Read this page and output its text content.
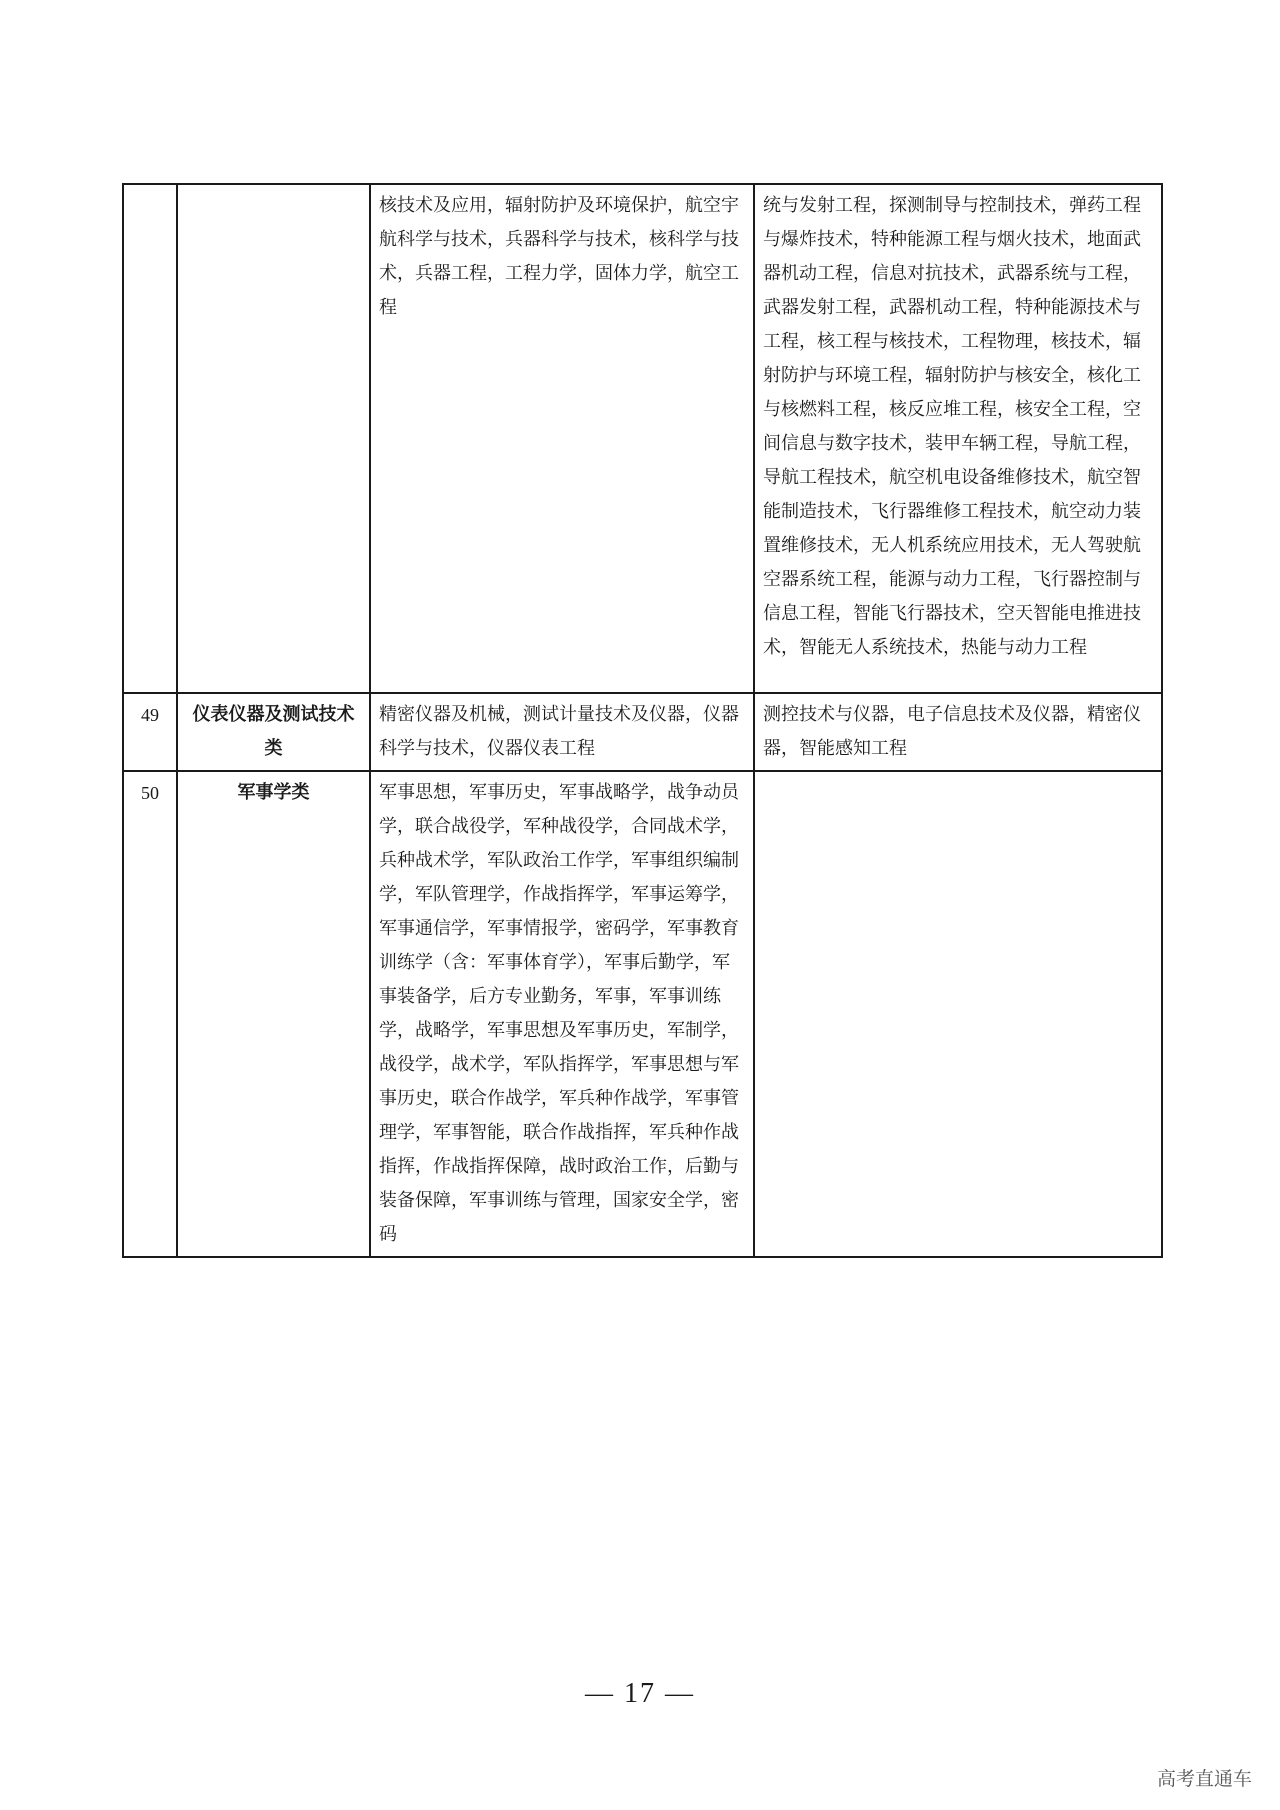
		核技术及应用，辐射防护及环境保护，航空宇航科学与技术，兵器科学与技术，核科学与技术，兵器工程，工程力学，固体力学，航空工程	统与发射工程，探测制导与控制技术，弹药工程与爆炸技术，特种能源工程与烟火技术，地面武器机动工程，信息对抗技术，武器系统与工程，武器发射工程，武器机动工程，特种能源技术与工程，核工程与核技术，工程物理，核技术，辐射防护与环境工程，辐射防护与核安全，核化工与核燃料工程，核反应堆工程，核安全工程，空间信息与数字技术，装甲车辆工程，导航工程，导航工程技术，航空机电设备维修技术，航空智能制造技术，飞行器维修工程技术，航空动力装置维修技术，无人机系统应用技术，无人驾驶航空器系统工程，能源与动力工程，飞行器控制与信息工程，智能飞行器技术，空天智能电推进技术，智能无人系统技术，热能与动力工程
49	仪表仪器及测试技术类	精密仪器及机械，测试计量技术及仪器，仪器科学与技术，仪器仪表工程	测控技术与仪器，电子信息技术及仪器，精密仪器，智能感知工程
50	军事学类	军事思想，军事历史，军事战略学，战争动员学，联合战役学，军种战役学，合同战术学，兵种战术学，军队政治工作学，军事组织编制学，军队管理学，作战指挥学，军事运筹学，军事通信学，军事情报学，密码学，军事教育训练学（含：军事体育学），军事后勤学，军事装备学，后方专业勤务，军事，军事训练学，战略学，军事思想及军事历史，军制学，战役学，战术学，军队指挥学，军事思想与军事历史，联合作战学，军兵种作战学，军事管理学，军事智能，联合作战指挥，军兵种作战指挥，作战指挥保障，战时政治工作，后勤与装备保障，军事训练与管理，国家安全学，密码	
— 17 —
高考直通车
